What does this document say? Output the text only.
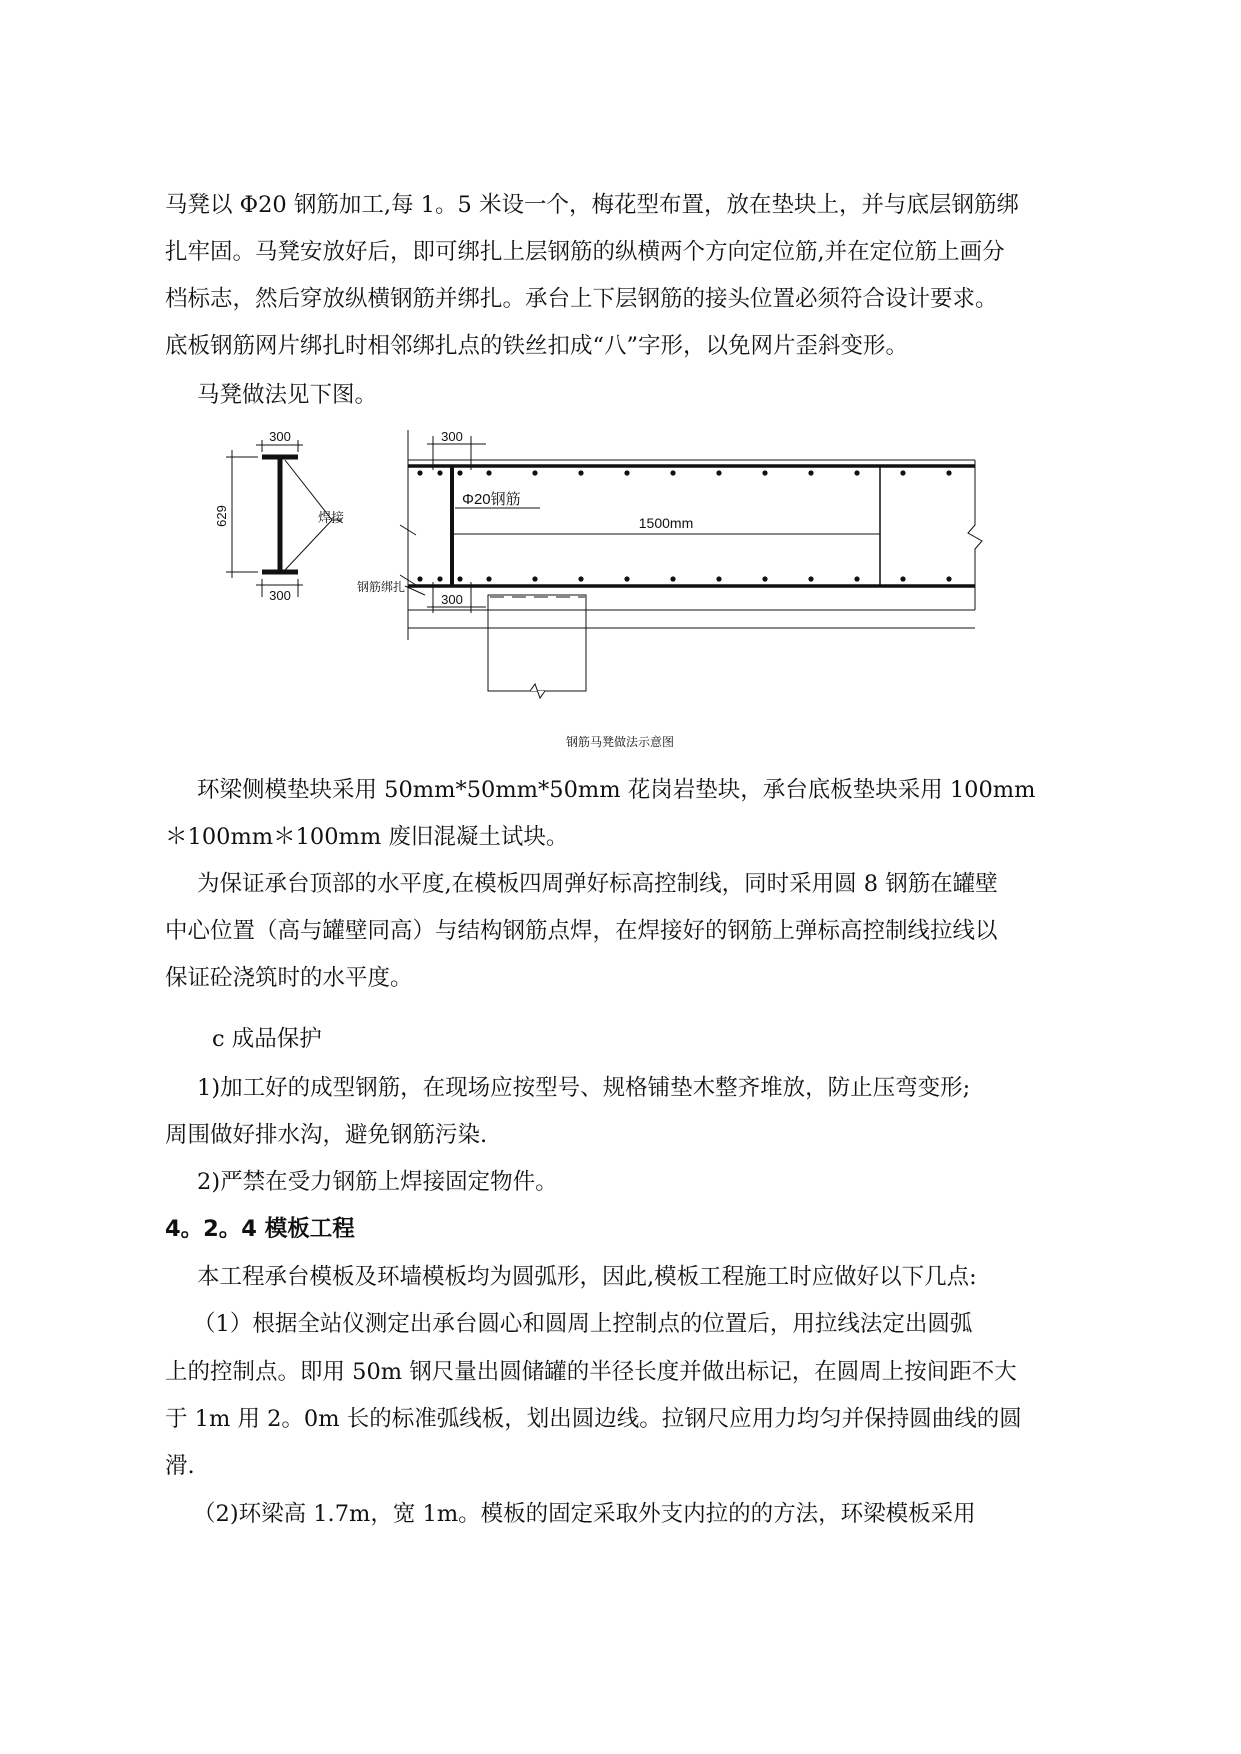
马凳以 Φ20 钢筋加工,每 1。5 米设一个，梅花型布置，放在垫块上，并与底层钢筋绑
扎牢固。马凳安放好后，即可绑扎上层钢筋的纵横两个方向定位筋,并在定位筋上画分
档标志，然后穿放纵横钢筋并绑扎。承台上下层钢筋的接头位置必须符合设计要求。
底板钢筋网片绑扎时相邻绑扎点的铁丝扣成“八”字形，以免网片歪斜变形。
马凳做法见下图。
300
300
629	焊接
300
Φ20钢筋
1500mm
钢筋绑扎
300
钢筋马凳做法示意图
环梁侧模垫块采用 50mm*50mm*50mm 花岗岩垫块，承台底板垫块采用 100mm
＊100mm＊100mm 废旧混凝土试块。
为保证承台顶部的水平度,在模板四周弹好标高控制线，同时采用圆 8 钢筋在罐壁
中心位置（高与罐壁同高）与结构钢筋点焊，在焊接好的钢筋上弹标高控制线拉线以
保证砼浇筑时的水平度。
c 成品保护
1)加工好的成型钢筋，在现场应按型号、规格铺垫木整齐堆放，防止压弯变形;
周围做好排水沟，避免钢筋污染.
2)严禁在受力钢筋上焊接固定物件。
4。2。4 模板工程
本工程承台模板及环墙模板均为圆弧形，因此,模板工程施工时应做好以下几点:
（1）根据全站仪测定出承台圆心和圆周上控制点的位置后，用拉线法定出圆弧
上的控制点。即用 50m 钢尺量出圆储罐的半径长度并做出标记，在圆周上按间距不大
于 1m 用 2。0m 长的标准弧线板，划出圆边线。拉钢尺应用力均匀并保持圆曲线的圆
滑.
（2)环梁高 1.7m，宽 1m。模板的固定采取外支内拉的的方法，环梁模板采用
